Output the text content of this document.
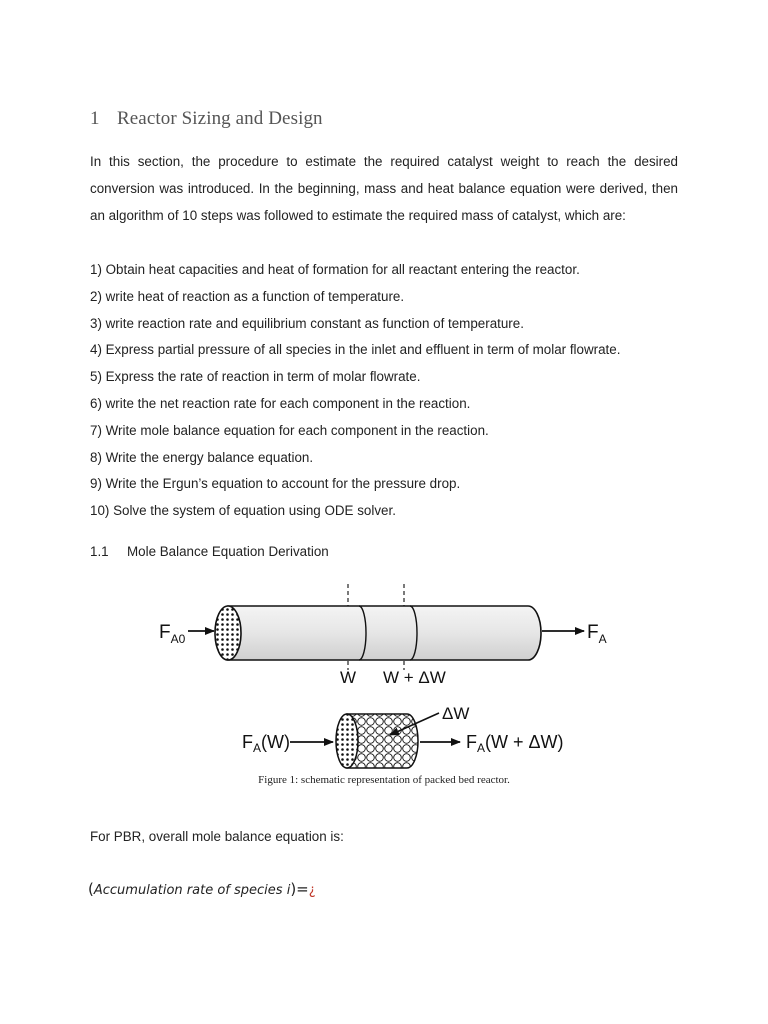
1 Reactor Sizing and Design

In this section, the procedure to estimate the required catalyst weight to reach the desired conversion was introduced. In the beginning, mass and heat balance equation were derived, then an algorithm of 10 steps was followed to estimate the required mass of catalyst, which are:

1) Obtain heat capacities and heat of formation for all reactant entering the reactor.
2) write heat of reaction as a function of temperature.
3) write reaction rate and equilibrium constant as function of temperature.
4) Express partial pressure of all species in the inlet and effluent in term of molar flowrate.
5) Express the rate of reaction in term of molar flowrate.
6) write the net reaction rate for each component in the reaction.
7) Write mole balance equation for each component in the reaction.
8) Write the energy balance equation.
9) Write the Ergun’s equation to account for the pressure drop.
10) Solve the system of equation using ODE solver.
1.1 Mole Balance Equation Derivation
$F_{A0}$	$F_A$
W W + ΔW
ΔW
$F_A(W)$	$F_A(W + \Delta W)$
Figure 1: schematic representation of packed bed reactor.
For PBR, overall mole balance equation is:
(Accumulation rate of species i)=¿
